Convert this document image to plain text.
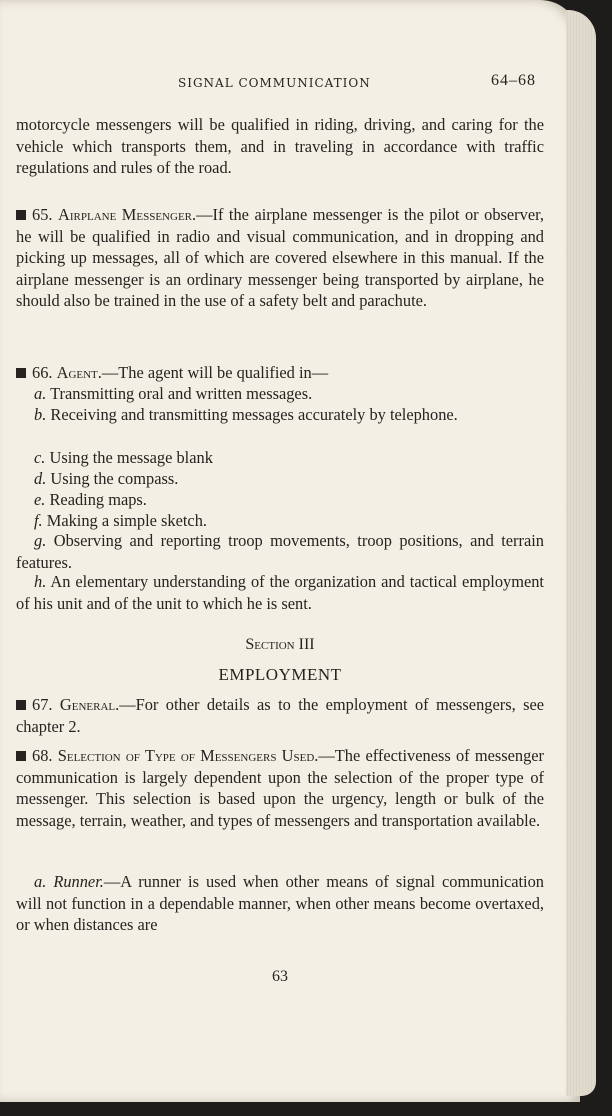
SIGNAL COMMUNICATION	64–68

motorcycle messengers will be qualified in riding, driving, and caring for the vehicle which transports them, and in traveling in accordance with traffic regulations and rules of the road.

65. Airplane Messenger.—If the airplane messenger is the pilot or observer, he will be qualified in radio and visual communication, and in dropping and picking up messages, all of which are covered elsewhere in this manual. If the airplane messenger is an ordinary messenger being transported by airplane, he should also be trained in the use of a safety belt and parachute.

66. Agent.—The agent will be qualified in—

a. Transmitting oral and written messages.
b. Receiving and transmitting messages accurately by telephone.
c. Using the message blank
d. Using the compass.
e. Reading maps.
f. Making a simple sketch.
g. Observing and reporting troop movements, troop positions, and terrain features.
h. An elementary understanding of the organization and tactical employment of his unit and of the unit to which he is sent.
Section III
EMPLOYMENT

67. General.—For other details as to the employment of messengers, see chapter 2.

68. Selection of Type of Messengers Used.—The effectiveness of messenger communication is largely dependent upon the selection of the proper type of messenger. This selection is based upon the urgency, length or bulk of the message, terrain, weather, and types of messengers and transportation available.

a. Runner.—A runner is used when other means of signal communication will not function in a dependable manner, when other means become overtaxed, or when distances are

63
